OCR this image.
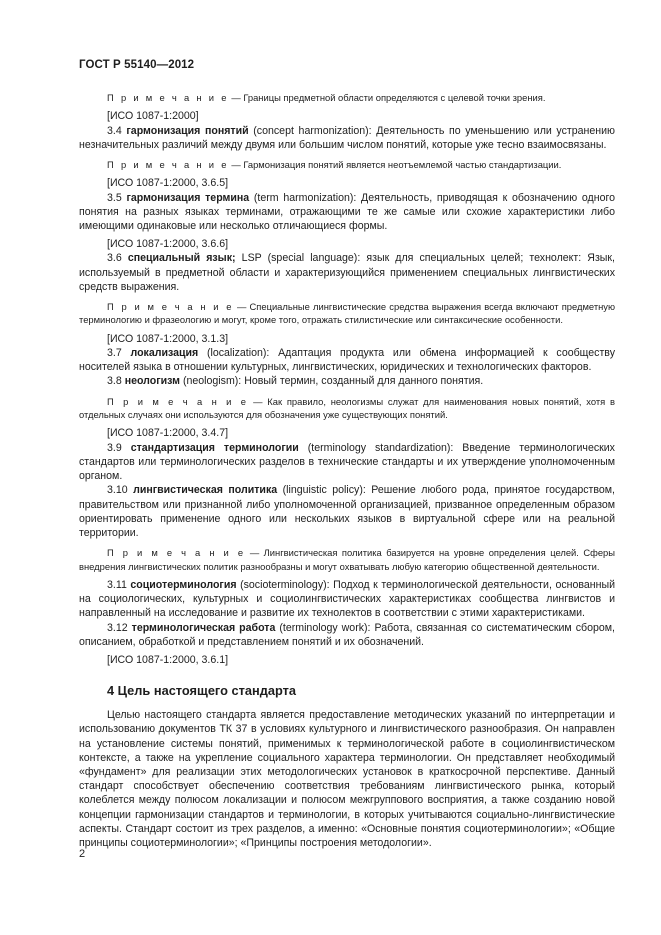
ГОСТ Р 55140—2012

П р и м е ч а н и е — Границы предметной области определяются с целевой точки зрения.

[ИСО 1087-1:2000]

3.4 гармонизация понятий (concept harmonization): Деятельность по уменьшению или устранению незначительных различий между двумя или большим числом понятий, которые уже тесно взаимосвязаны.

П р и м е ч а н и е — Гармонизация понятий является неотъемлемой частью стандартизации.

[ИСО 1087-1:2000, 3.6.5]

3.5 гармонизация термина (term harmonization): Деятельность, приводящая к обозначению одного понятия на разных языках терминами, отражающими те же самые или схожие характеристики либо имеющими одинаковые или несколько отличающиеся формы.

[ИСО 1087-1:2000, 3.6.6]

3.6 специальный язык; LSP (special language): язык для специальных целей; технолект: Язык, используемый в предметной области и характеризующийся применением специальных лингвистических средств выражения.

П р и м е ч а н и е — Специальные лингвистические средства выражения всегда включают предметную терминологию и фразеологию и могут, кроме того, отражать стилистические или синтаксические особенности.

[ИСО 1087-1:2000, 3.1.3]

3.7 локализация (localization): Адаптация продукта или обмена информацией к сообществу носителей языка в отношении культурных, лингвистических, юридических и технологических факторов.

3.8 неологизм (neologism): Новый термин, созданный для данного понятия.

П р и м е ч а н и е — Как правило, неологизмы служат для наименования новых понятий, хотя в отдельных случаях они используются для обозначения уже существующих понятий.

[ИСО 1087-1:2000, 3.4.7]

3.9 стандартизация терминологии (terminology standardization): Введение терминологических стандартов или терминологических разделов в технические стандарты и их утверждение уполномоченным органом.

3.10 лингвистическая политика (linguistic policy): Решение любого рода, принятое государством, правительством или признанной либо уполномоченной организацией, призванное определенным образом ориентировать применение одного или нескольких языков в виртуальной сфере или на реальной территории.

П р и м е ч а н и е — Лингвистическая политика базируется на уровне определения целей. Сферы внедрения лингвистических политик разнообразны и могут охватывать любую категорию общественной деятельности.

3.11 социотерминология (socioterminology): Подход к терминологической деятельности, основанный на социологических, культурных и социолингвистических характеристиках сообщества лингвистов и направленный на исследование и развитие их технолектов в соответствии с этими характеристиками.

3.12 терминологическая работа (terminology work): Работа, связанная со систематическим сбором, описанием, обработкой и представлением понятий и их обозначений.

[ИСО 1087-1:2000, 3.6.1]
4 Цель настоящего стандарта

Целью настоящего стандарта является предоставление методических указаний по интерпретации и использованию документов ТК 37 в условиях культурного и лингвистического разнообразия. Он направлен на установление системы понятий, применимых к терминологической работе в социолингвистическом контексте, а также на укрепление социального характера терминологии. Он представляет необходимый «фундамент» для реализации этих методологических установок в краткосрочной перспективе. Данный стандарт способствует обеспечению соответствия требованиям лингвистического рынка, который колеблется между полюсом локализации и полюсом межгруппового восприятия, а также созданию новой концепции гармонизации стандартов и терминологии, в которых учитываются социально-лингвистические аспекты. Стандарт состоит из трех разделов, а именно: «Основные понятия социотерминологии»; «Общие принципы социотерминологии»; «Принципы построения методологии».

2
